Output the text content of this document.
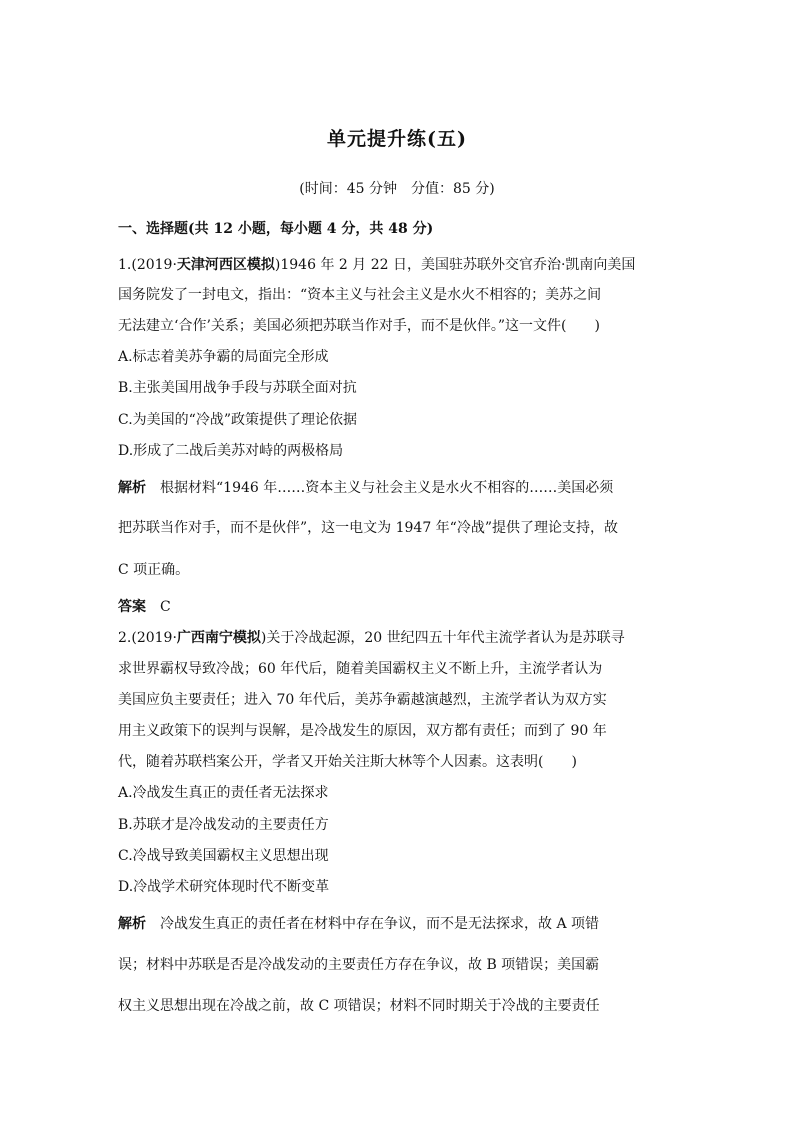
单元提升练(五)
(时间：45 分钟　分值：85 分)
一、选择题(共 12 小题，每小题 4 分，共 48 分)
1.(2019·天津河西区模拟)1946 年 2 月 22 日，美国驻苏联外交官乔治·凯南向美国
国务院发了一封电文，指出：“资本主义与社会主义是水火不相容的；美苏之间
无法建立‘合作’关系；美国必须把苏联当作对手，而不是伙伴。”这一文件(　　)
A.标志着美苏争霸的局面完全形成
B.主张美国用战争手段与苏联全面对抗
C.为美国的“冷战”政策提供了理论依据
D.形成了二战后美苏对峙的两极格局
解析 根据材料“1946 年……资本主义与社会主义是水火不相容的……美国必须
把苏联当作对手，而不是伙伴”，这一电文为 1947 年“冷战”提供了理论支持，故
C 项正确。
答案 C
2.(2019·广西南宁模拟)关于冷战起源，20 世纪四五十年代主流学者认为是苏联寻
求世界霸权导致冷战；60 年代后，随着美国霸权主义不断上升，主流学者认为
美国应负主要责任；进入 70 年代后，美苏争霸越演越烈，主流学者认为双方实
用主义政策下的误判与误解，是冷战发生的原因，双方都有责任；而到了 90 年
代，随着苏联档案公开，学者又开始关注斯大林等个人因素。这表明(　　)
A.冷战发生真正的责任者无法探求
B.苏联才是冷战发动的主要责任方
C.冷战导致美国霸权主义思想出现
D.冷战学术研究体现时代不断变革
解析 冷战发生真正的责任者在材料中存在争议，而不是无法探求，故 A 项错
误；材料中苏联是否是冷战发动的主要责任方存在争议，故 B 项错误；美国霸
权主义思想出现在冷战之前，故 C 项错误；材料不同时期关于冷战的主要责任
